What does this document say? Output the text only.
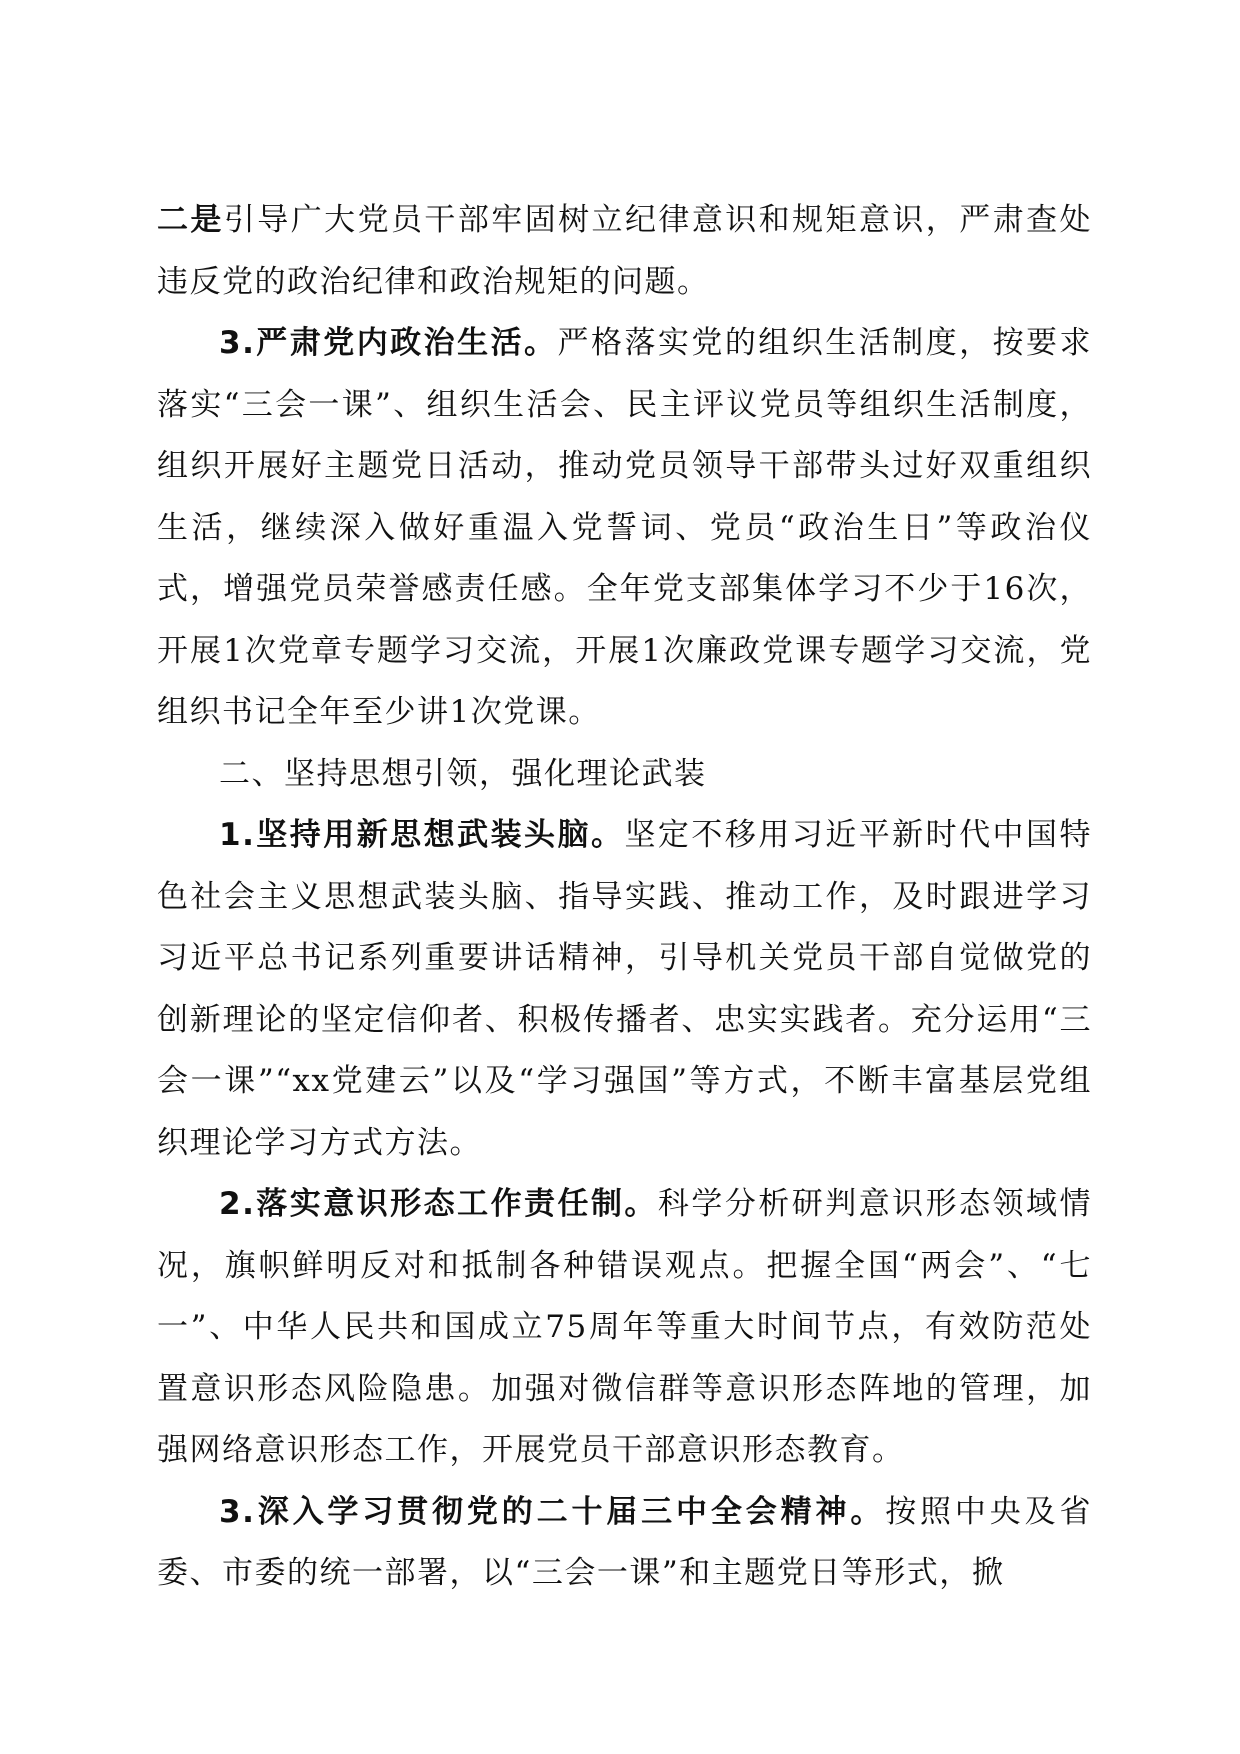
二是引导广大党员干部牢固树立纪律意识和规矩意识，严肃查处违反党的政治纪律和政治规矩的问题。

3.严肃党内政治生活。严格落实党的组织生活制度，按要求落实“三会一课”、组织生活会、民主评议党员等组织生活制度，组织开展好主题党日活动，推动党员领导干部带头过好双重组织生活，继续深入做好重温入党誓词、党员“政治生日”等政治仪式，增强党员荣誉感责任感。全年党支部集体学习不少于16次，开展1次党章专题学习交流，开展1次廉政党课专题学习交流，党组织书记全年至少讲1次党课。

二、坚持思想引领，强化理论武装

1.坚持用新思想武装头脑。坚定不移用习近平新时代中国特色社会主义思想武装头脑、指导实践、推动工作，及时跟进学习习近平总书记系列重要讲话精神，引导机关党员干部自觉做党的创新理论的坚定信仰者、积极传播者、忠实实践者。充分运用“三会一课”“xx党建云”以及“学习强国”等方式，不断丰富基层党组织理论学习方式方法。

2.落实意识形态工作责任制。科学分析研判意识形态领域情况，旗帜鲜明反对和抵制各种错误观点。把握全国“两会”、“七一”、中华人民共和国成立75周年等重大时间节点，有效防范处置意识形态风险隐患。加强对微信群等意识形态阵地的管理，加强网络意识形态工作，开展党员干部意识形态教育。

3.深入学习贯彻党的二十届三中全会精神。按照中央及省委、市委的统一部署，以“三会一课”和主题党日等形式，掀
